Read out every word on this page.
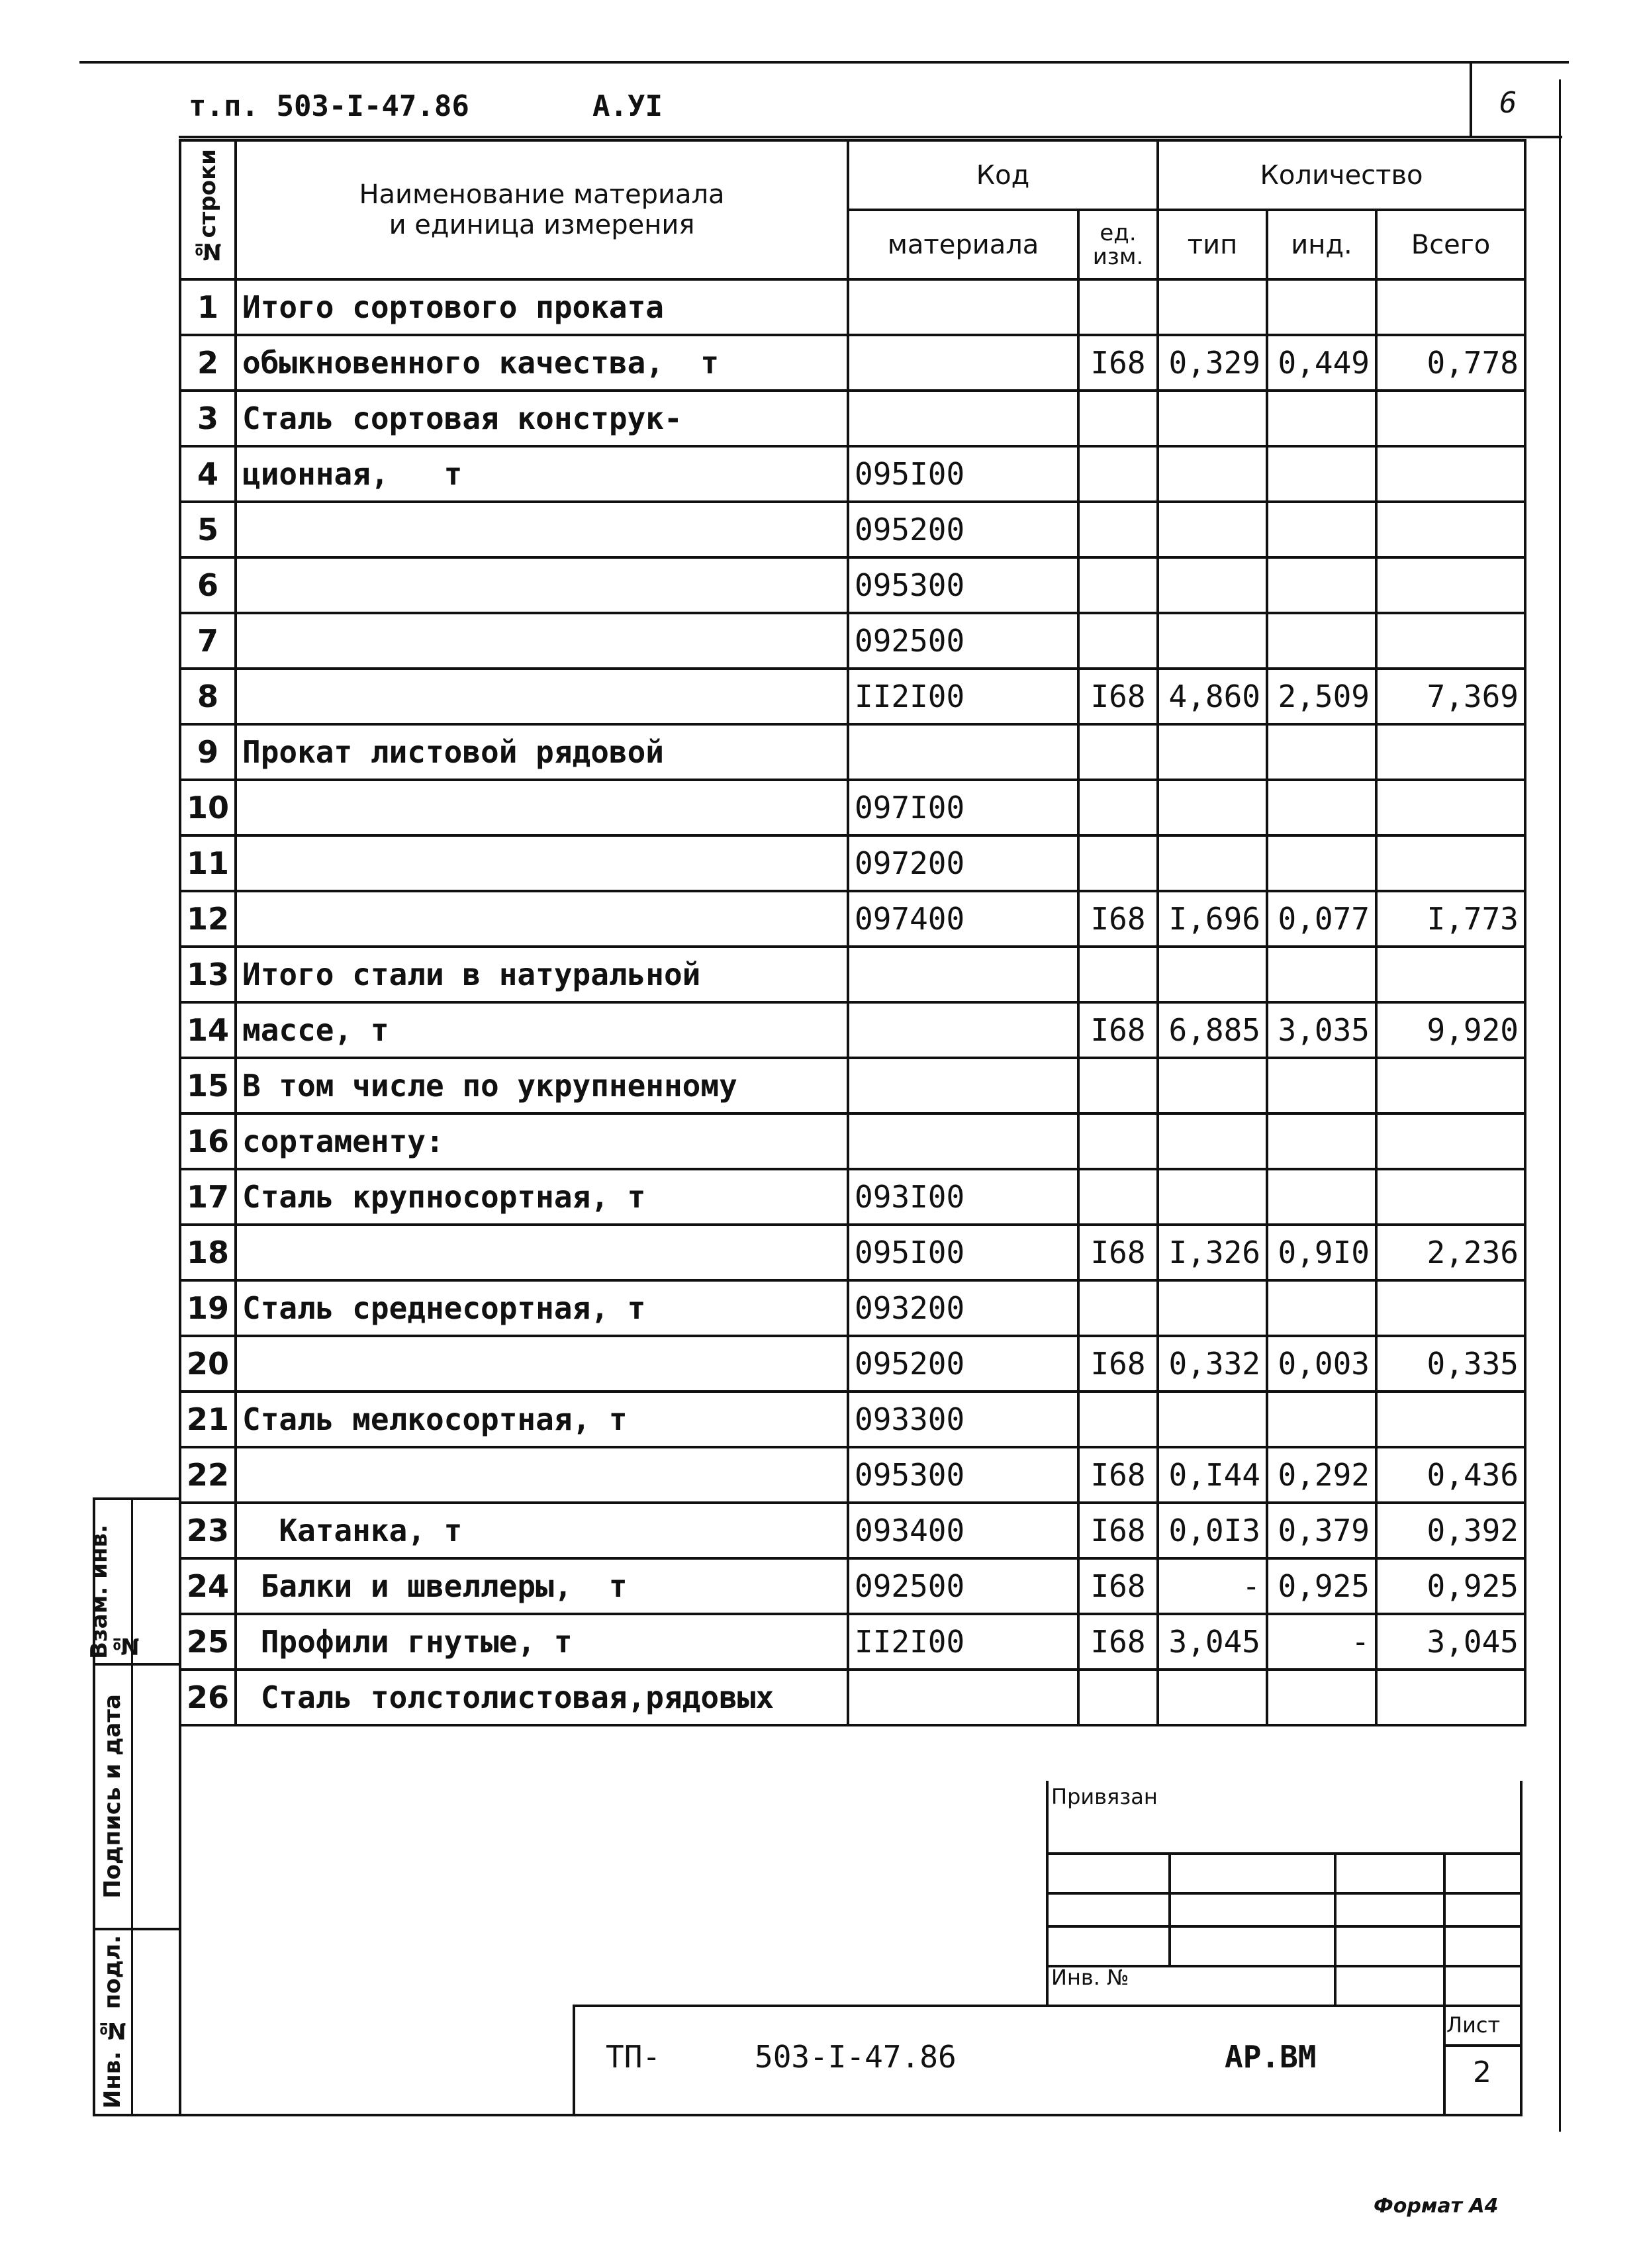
т.п. 503-I-47.86	А.УI	6
№строки	Наименование материала
и единица измерения	Код		Количество		
		материала	ед. изм.	тип	инд.	Всего
1	Итого сортового проката					
2	обыкновенного качества,  т		I68	0,329	0,449	0,778
3	Сталь сортовая конструк-					
4	ционная,   т	095I00				
5		095200				
6		095300				
7		092500				
8		II2I00	I68	4,860	2,509	7,369
9	Прокат листовой рядовой					
10		097I00				
11		097200				
12		097400	I68	I,696	0,077	I,773
13	Итого стали в натуральной					
14	массе, т		I68	6,885	3,035	9,920
15	В том числе по укрупненному					
16	сортаменту:					
17	Сталь крупносортная, т	093I00				
18		095I00	I68	I,326	0,9I0	2,236
19	Сталь среднесортная, т	093200				
20		095200	I68	0,332	0,003	0,335
21	Сталь мелкосортная, т	093300				
22		095300	I68	0,I44	0,292	0,436
23	Катанка, т	093400	I68	0,0I3	0,379	0,392
24	Балки и швеллеры,  т	092500	I68	-	0,925	0,925
25	Профили гнутые, т	II2I00	I68	3,045	-	3,045
26	Сталь толстолистовая,рядовых					
Взам. инв. №
Подпись и дата
Инв. № подл.
Привязан
Инв. №
ТП-	503-I-47.86	АР.ВМ
Лист
2
Формат А4
